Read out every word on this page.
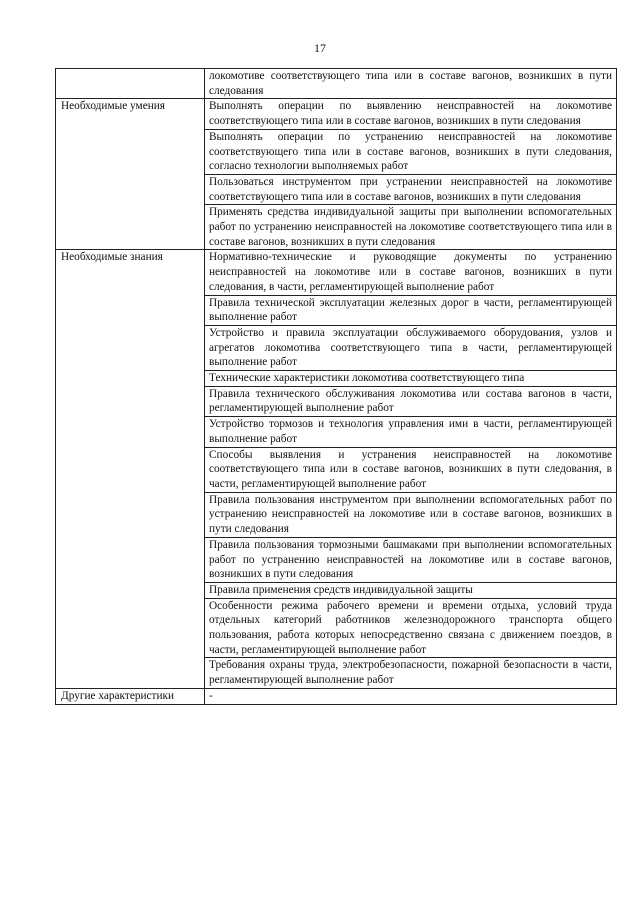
17
	локомотиве соответствующего типа или в составе вагонов, возникших в пути следования
Необходимые умения	Выполнять операции по выявлению неисправностей на локомотиве соответствующего типа или в составе вагонов, возникших в пути следования
	Выполнять операции по устранению неисправностей на локомотиве соответствующего типа или в составе вагонов, возникших в пути следования, согласно технологии выполняемых работ
	Пользоваться инструментом при устранении неисправностей на локомотиве соответствующего типа или в составе вагонов, возникших в пути следования
	Применять средства индивидуальной защиты при выполнении вспомогательных работ по устранению неисправностей на локомотиве соответствующего типа или в составе вагонов, возникших в пути следования
Необходимые знания	Нормативно-технические и руководящие документы по устранению неисправностей на локомотиве или в составе вагонов, возникших в пути следования, в части, регламентирующей выполнение работ
	Правила технической эксплуатации железных дорог в части, регламентирующей выполнение работ
	Устройство и правила эксплуатации обслуживаемого оборудования, узлов и агрегатов локомотива соответствующего типа в части, регламентирующей выполнение работ
	Технические характеристики локомотива соответствующего типа
	Правила технического обслуживания локомотива или состава вагонов в части, регламентирующей выполнение работ
	Устройство тормозов и технология управления ими в части, регламентирующей выполнение работ
	Способы выявления и устранения неисправностей на локомотиве соответствующего типа или в составе вагонов, возникших в пути следования, в части, регламентирующей выполнение работ
	Правила пользования инструментом при выполнении вспомогательных работ по устранению неисправностей на локомотиве или в составе вагонов, возникших в пути следования
	Правила пользования тормозными башмаками при выполнении вспомогательных работ по устранению неисправностей на локомотиве или в составе вагонов, возникших в пути следования
	Правила применения средств индивидуальной защиты
	Особенности режима рабочего времени и времени отдыха, условий труда отдельных категорий работников железнодорожного транспорта общего пользования, работа которых непосредственно связана с движением поездов, в части, регламентирующей выполнение работ
	Требования охраны труда, электробезопасности, пожарной безопасности в части, регламентирующей выполнение работ
Другие характеристики	-
